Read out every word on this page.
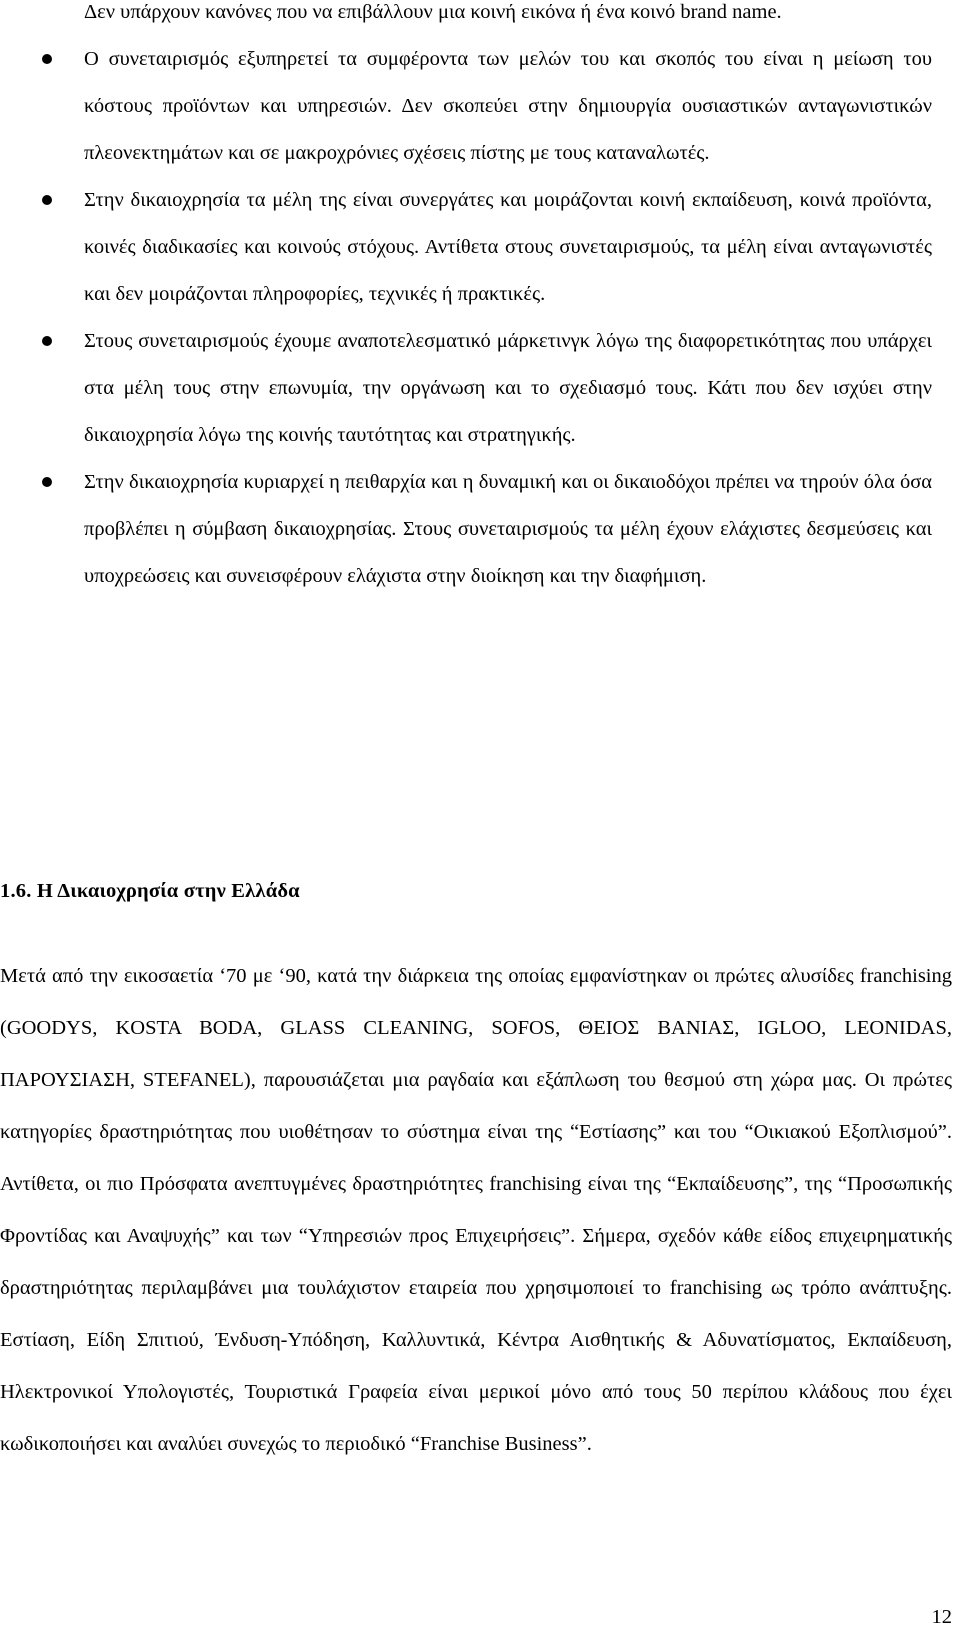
Δεν υπάρχουν κανόνες που να επιβάλλουν μια κοινή εικόνα ή ένα κοινό brand name.
Ο συνεταιρισμός εξυπηρετεί τα συμφέροντα των μελών του και σκοπός του είναι η μείωση του κόστους προϊόντων και υπηρεσιών. Δεν σκοπεύει στην δημιουργία ουσιαστικών ανταγωνιστικών πλεονεκτημάτων και σε μακροχρόνιες σχέσεις πίστης με τους καταναλωτές.
Στην δικαιοχρησία τα μέλη της είναι συνεργάτες και μοιράζονται κοινή εκπαίδευση, κοινά προϊόντα, κοινές διαδικασίες και κοινούς στόχους. Αντίθετα στους συνεταιρισμούς, τα μέλη είναι ανταγωνιστές και δεν μοιράζονται πληροφορίες, τεχνικές ή πρακτικές.
Στους συνεταιρισμούς έχουμε αναποτελεσματικό μάρκετινγκ λόγω της διαφορετικότητας που υπάρχει στα μέλη τους στην επωνυμία, την οργάνωση και το σχεδιασμό τους. Κάτι που δεν ισχύει στην δικαιοχρησία λόγω της κοινής ταυτότητας και στρατηγικής.
Στην δικαιοχρησία κυριαρχεί η πειθαρχία και η δυναμική και οι δικαιοδόχοι πρέπει να τηρούν όλα όσα προβλέπει η σύμβαση δικαιοχρησίας. Στους συνεταιρισμούς τα μέλη έχουν ελάχιστες δεσμεύσεις και υποχρεώσεις και συνεισφέρουν ελάχιστα στην διοίκηση και την διαφήμιση.
1.6. Η Δικαιοχρησία στην Ελλάδα

Μετά από την εικοσαετία ‘70 με ‘90, κατά την διάρκεια της οποίας εμφανίστηκαν οι πρώτες αλυσίδες franchising (GOODYS, KOSTA BODA, GLASS CLEANING, SOFOS, ΘΕΙΟΣ ΒΑΝΙΑΣ, IGLOO, LEONIDAS, ΠΑΡΟΥΣΙΑΣΗ, STEFANEL), παρουσιάζεται μια ραγδαία και εξάπλωση του θεσμού στη χώρα μας. Οι πρώτες κατηγορίες δραστηριότητας που υιοθέτησαν το σύστημα είναι της “Εστίασης” και του “Οικιακού Εξοπλισμού”. Αντίθετα, οι πιο Πρόσφατα ανεπτυγμένες δραστηριότητες franchising είναι της “Εκπαίδευσης”, της “Προσωπικής Φροντίδας και Αναψυχής” και των “Υπηρεσιών προς Επιχειρήσεις”. Σήμερα, σχεδόν κάθε είδος επιχειρηματικής δραστηριότητας περιλαμβάνει μια τουλάχιστον εταιρεία που χρησιμοποιεί το franchising ως τρόπο ανάπτυξης. Εστίαση, Είδη Σπιτιού, Ένδυση-Υπόδηση, Καλλυντικά, Κέντρα Αισθητικής & Αδυνατίσματος, Εκπαίδευση, Ηλεκτρονικοί Υπολογιστές, Τουριστικά Γραφεία είναι μερικοί μόνο από τους 50 περίπου κλάδους που έχει κωδικοποιήσει και αναλύει συνεχώς το περιοδικό “Franchise Business”.

12
